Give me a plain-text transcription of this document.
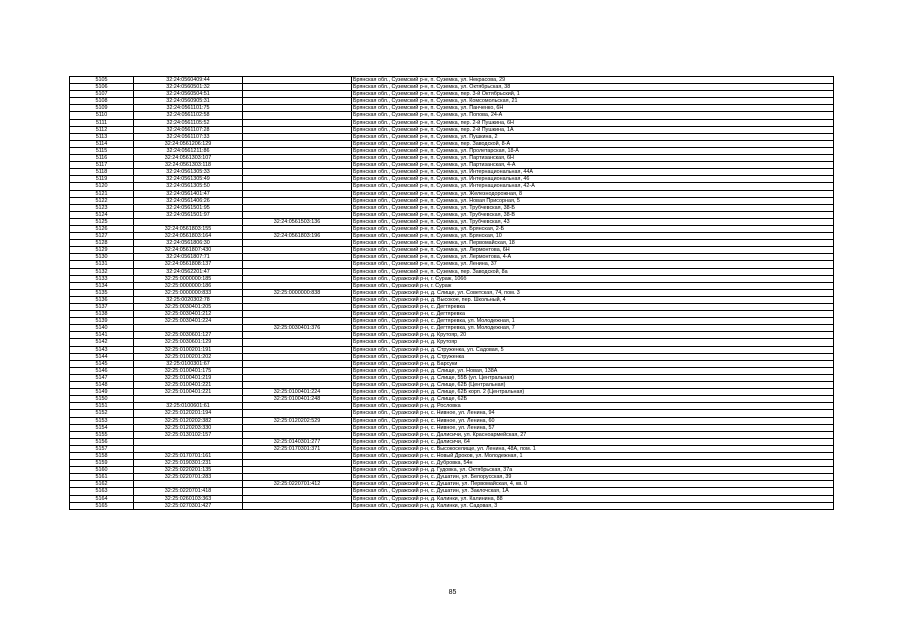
5105	32:24:0560409:44		Брянская обл., Суземский р-н, п. Суземка, ул. Некрасова, 29
5106	32:24:0560501:32		Брянская обл., Суземский р-н, п. Суземка, ул. Октябрьская, 38
5107	32:24:0560504:51		Брянская обл., Суземский р-н, п. Суземка, пер. 3-й Октябрьский, 1
5108	32:24:0560905:31		Брянская обл., Суземский р-н, п. Суземка, ул. Комсомольская, 21
5109	32:24:0561101:75		Брянская обл., Суземский р-н, п. Суземка, ул. Панченко, 6Н
5110	32:24:0561102:58		Брянская обл., Суземский р-н, п. Суземка, ул. Попова, 24-А
5111	32:24:0561105:52		Брянская обл., Суземский р-н, п. Суземка, пер. 2-й Пушкина, 6Н
5112	32:24:0561107:28		Брянская обл., Суземский р-н, п. Суземка, пер. 2-й Пушкина, 1А
5113	32:24:0561107:33		Брянская обл., Суземский р-н, п. Суземка, ул. Пушкина, 2
5114	32:24:0561206:129		Брянская обл., Суземский р-н, п. Суземка, пер. Заводской, 8-А
5115	32:24:0561211:86		Брянская обл., Суземский р-н, п. Суземка, ул. Пролетарская, 18-А
5116	32:24:0561303:107		Брянская обл., Суземский р-н, п. Суземка, ул. Партизанская, 6Н
5117	32:24:0561303:118		Брянская обл., Суземский р-н, п. Суземка, ул. Партизанская, 4-А
5118	32:24:0561305:33		Брянская обл., Суземский р-н, п. Суземка, ул. Интернациональная, 44А
5119	32:24:0561305:49		Брянская обл., Суземский р-н, п. Суземка, ул. Интернациональная, 46
5120	32:24:0561305:50		Брянская обл., Суземский р-н, п. Суземка, ул. Интернациональная, 42-А
5121	32:24:0561401:47		Брянская обл., Суземский р-н, п. Суземка, ул. Железнодорожная, 8
5122	32:24:0561406:26		Брянская обл., Суземский р-н, п. Суземка, ул. Новая Присорная, 5
5123	32:24:0561501:95		Брянская обл., Суземский р-н, п. Суземка, ул. Трубчевская, 38-Б
5124	32:24:0561501:97		Брянская обл., Суземский р-н, п. Суземка, ул. Трубчевская, 38-В
5125		32:24:0561503:136	Брянская обл., Суземский р-н, п. Суземка, ул. Трубчевская, 43
5126	32:24:0561803:155		Брянская обл., Суземский р-н, п. Суземка, ул. Брянская, 2-Б
5127	32:24:0561803:164	32:24:0561803:196	Брянская обл., Суземский р-н, п. Суземка, ул. Брянская, 10
5128	32:24:0561806:30		Брянская обл., Суземский р-н, п. Суземка, ул. Первомайская, 18
5129	32:24:0561807:430		Брянская обл., Суземский р-н, п. Суземка, ул. Лермонтова, 6Н
5130	32:24:0561807:71		Брянская обл., Суземский р-н, п. Суземка, ул. Лермонтова, 4-А
5131	32:24:0561808:137		Брянская обл., Суземский р-н, п. Суземка, ул. Ленина, 37
5132	32:24:0562201:47		Брянская обл., Суземский р-н, п. Суземка, пер. Заводской, 8а
5133	32:25:0000000:185		Брянская обл., Суражский р-н, г. Сураж, 106б
5134	32:25:0000000:186		Брянская обл., Суражский р-н, г. Сураж
5135	32:25:0000000:833	32:25:0000000:838	Брянская обл., Суражский р-н, д. Слище, ул. Советская, 74, пом. 3
5136	32:25:0020302:78		Брянская обл., Суражский р-н, д. Высокое, пер. Школьный, 4
5137	32:25:0030401:205		Брянская обл., Суражский р-н, с. Дегтяревка
5138	32:25:0030401:212		Брянская обл., Суражский р-н, с. Дегтяревка
5139	32:25:0030401:224		Брянская обл., Суражский р-н, с. Дегтяревка, ул. Молодежная, 1
5140		32:25:0030401:376	Брянская обл., Суражский р-н, с. Дегтяревка, ул. Молодежная, 7
5141	32:25:0030601:127		Брянская обл., Суражский р-н, д. Крутояр, 20
5142	32:25:0030601:129		Брянская обл., Суражский р-н, д. Крутояр
5143	32:25:0100201:191		Брянская обл., Суражский р-н, д. Струженка, ул. Садовая, 5
5144	32:25:0100201:202		Брянская обл., Суражский р-н, д. Струженка
5145	32:25:0100301:67		Брянская обл., Суражский р-н, д. Барсуки
5146	32:25:0100401:175		Брянская обл., Суражский р-н, д. Слище, ул. Новая, 138А
5147	32:25:0100401:219		Брянская обл., Суражский р-н, д. Слище, 55Б (ул. Центральная)
5148	32:25:0100401:221		Брянская обл., Суражский р-н, д. Слище, 62Б (Центральная)
5149	32:25:0100401:221	32:25:0100401:224	Брянская обл., Суражский р-н, д. Слище, 62Б корп. 2 (Центральная)
5150		32:25:0100401:248	Брянская обл., Суражский р-н, д. Слище, 62Б
5151	32:25:0100601:61		Брянская обл., Суражский р-н, д. Рословка
5152	32:25:0120201:194		Брянская обл., Суражский р-н, с. Нивное, ул. Ленина, 94
5153	32:25:0120202:382	32:25:0120202:529	Брянская обл., Суражский р-н, с. Нивное, ул. Ленина, 60
5154	32:25:0120203:330		Брянская обл., Суражский р-н, с. Нивное, ул. Ленина, 57
5155	32:25:0130102:157		Брянская обл., Суражский р-н, с. Далисичи, ул. Красноармейская, 27
5156		32:25:0140301:277	Брянская обл., Суражский р-н, с. Далисичи, 64
5157		32:25:0170301:371	Брянская обл., Суражский р-н, с. Высокоселище, ул. Ленина, 48А, пом. 1
5158	32:25:0170701:161		Брянская обл., Суражский р-н, с. Новый Дроков, ул. Молодежная, 1
5159	32:25:0190301:231		Брянская обл., Суражский р-н, с. Дубровка, 54н
5160	32:25:0220201:135		Брянская обл., Суражский р-н, д. Гудовка, ул. Октябрьская, 37а
5161	32:25:0220701:283		Брянская обл., Суражский р-н, с. Душатин, ул. Белорусская, 39
5162		32:25:0220701:412	Брянская обл., Суражский р-н, с. Душатин, ул. Первомайская, 4, кв. 0
5163	32:25:0220701:418		Брянская обл., Суражский р-н, с. Душатин, ул. Заклочская, 1А
5164	32:25:0260103:363		Брянская обл., Суражский р-н, д. Калинки, ул. Калинина, 88
5165	32:25:0270301:427		Брянская обл., Суражский р-н, д. Калинки, ул. Садовая, 3
85
